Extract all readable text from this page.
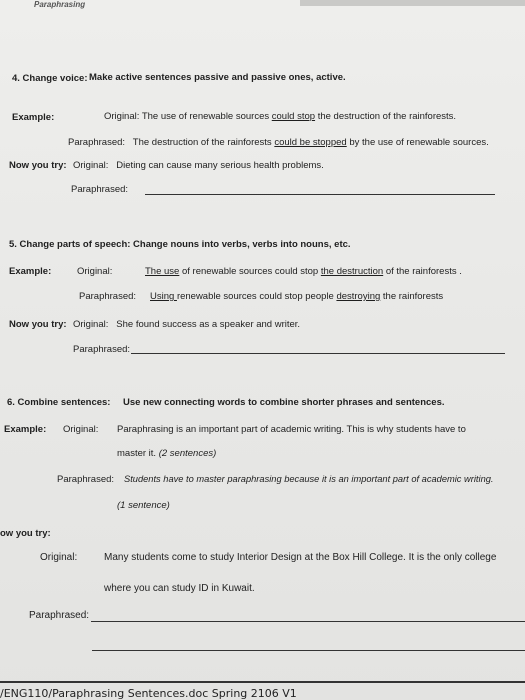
Paraphrasing
4. Change voice: Make active sentences passive and passive ones, active.
Example:	Original: The use of renewable sources could stop the destruction of the rainforests.
Paraphrased: The destruction of the rainforests could be stopped by the use of renewable sources.
Now you try: Original: Dieting can cause many serious health problems.
Paraphrased:
5. Change parts of speech: Change nouns into verbs, verbs into nouns, etc.
Example:	Original:	The use of renewable sources could stop the destruction of the rainforests .
Paraphrased: Using renewable sources could stop people destroying the rainforests
Now you try: Original: She found success as a speaker and writer.
Paraphrased:
6. Combine sentences: Use new connecting words to combine shorter phrases and sentences.
Example: Original: Paraphrasing is an important part of academic writing. This is why students have to
master it. (2 sentences)
Paraphrased: Students have to master paraphrasing because it is an important part of academic writing.
(1 sentence)
ow you try:
Original:	Many students come to study Interior Design at the Box Hill College. It is the only college
where you can study ID in Kuwait.
Paraphrased:
/ENG110/Paraphrasing Sentences.doc Spring 2106 V1
